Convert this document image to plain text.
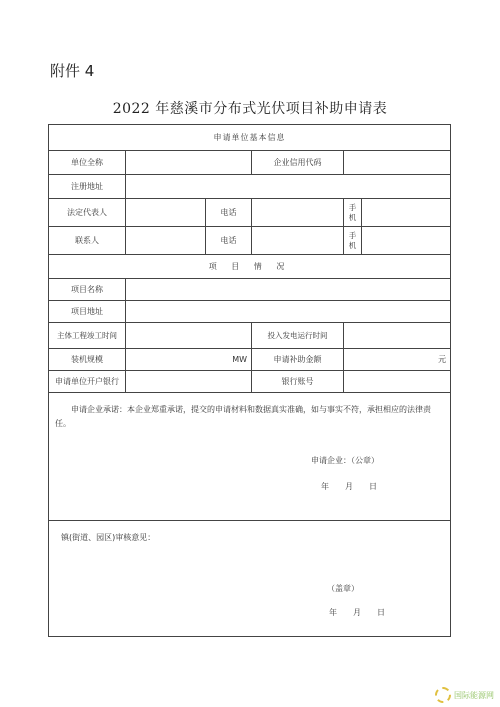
附件 4
2022 年慈溪市分布式光伏项目补助申请表
申请单位基本信息					
单位全称			企业信用代码		
注册地址					
法定代表人		电话		手机	
联系人		电话		手机	
项 目 情 况					
项目名称					
项目地址					
主体工程竣工时间			投入发电运行时间		
装机规模	MW		申请补助金额	元	
申请单位开户银行			银行账号		

申请企业承诺：本企业郑重承诺，提交的申请材料和数据真实准确，如与事实不符，承担相应的法律责任。

申请企业：（公章）
年　　月　　日					

镇(街道、园区)审核意见：

（盖章）
年　　月　　日					
国际能源网
